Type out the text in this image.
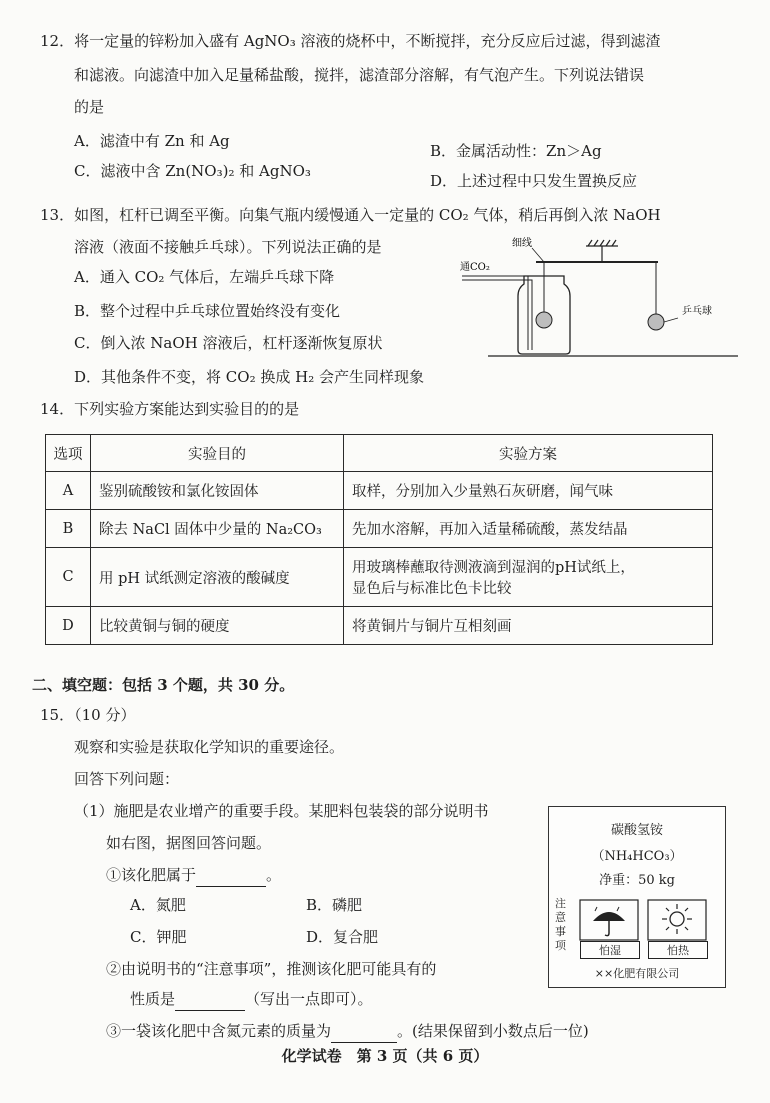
12．将一定量的锌粉加入盛有 AgNO₃ 溶液的烧杯中，不断搅拌，充分反应后过滤，得到滤渣
和滤液。向滤渣中加入足量稀盐酸，搅拌，滤渣部分溶解，有气泡产生。下列说法错误
的是
A．滤渣中有 Zn 和 Ag
B．金属活动性：Zn＞Ag
C．滤液中含 Zn(NO₃)₂ 和 AgNO₃
D．上述过程中只发生置换反应
13．如图，杠杆已调至平衡。向集气瓶内缓慢通入一定量的 CO₂ 气体，稍后再倒入浓 NaOH
溶液（液面不接触乒乓球）。下列说法正确的是
A．通入 CO₂ 气体后，左端乒乓球下降
B．整个过程中乒乓球位置始终没有变化
C．倒入浓 NaOH 溶液后，杠杆逐渐恢复原状
D．其他条件不变，将 CO₂ 换成 H₂ 会产生同样现象
细线
通CO₂
乒乓球
14．下列实验方案能达到实验目的的是
选项	实验目的	实验方案
A	鉴别硫酸铵和氯化铵固体	取样，分别加入少量熟石灰研磨，闻气味
B	除去 NaCl 固体中少量的 Na₂CO₃	先加水溶解，再加入适量稀硫酸，蒸发结晶
C	用 pH 试纸测定溶液的酸碱度	用玻璃棒蘸取待测液滴到湿润的pH试纸上，
显色后与标准比色卡比较

D	比较黄铜与铜的硬度	将黄铜片与铜片互相刻画
二、填空题：包括 3 个题，共 30 分。
15．（10 分）
观察和实验是获取化学知识的重要途径。
回答下列问题：
（1）施肥是农业增产的重要手段。某肥料包装袋的部分说明书
如右图，据图回答问题。
①该化肥属于	。
A．氮肥	B．磷肥
C．钾肥	D．复合肥
②由说明书的“注意事项”，推测该化肥可能具有的
性质是	（写出一点即可）。
③一袋该化肥中含氮元素的质量为	。(结果保留到小数点后一位)
碳酸氢铵
（NH₄HCO₃）
净重：50 kg
注意事项	怕湿	怕热
××化肥有限公司
化学试卷　第 3 页（共 6 页）
